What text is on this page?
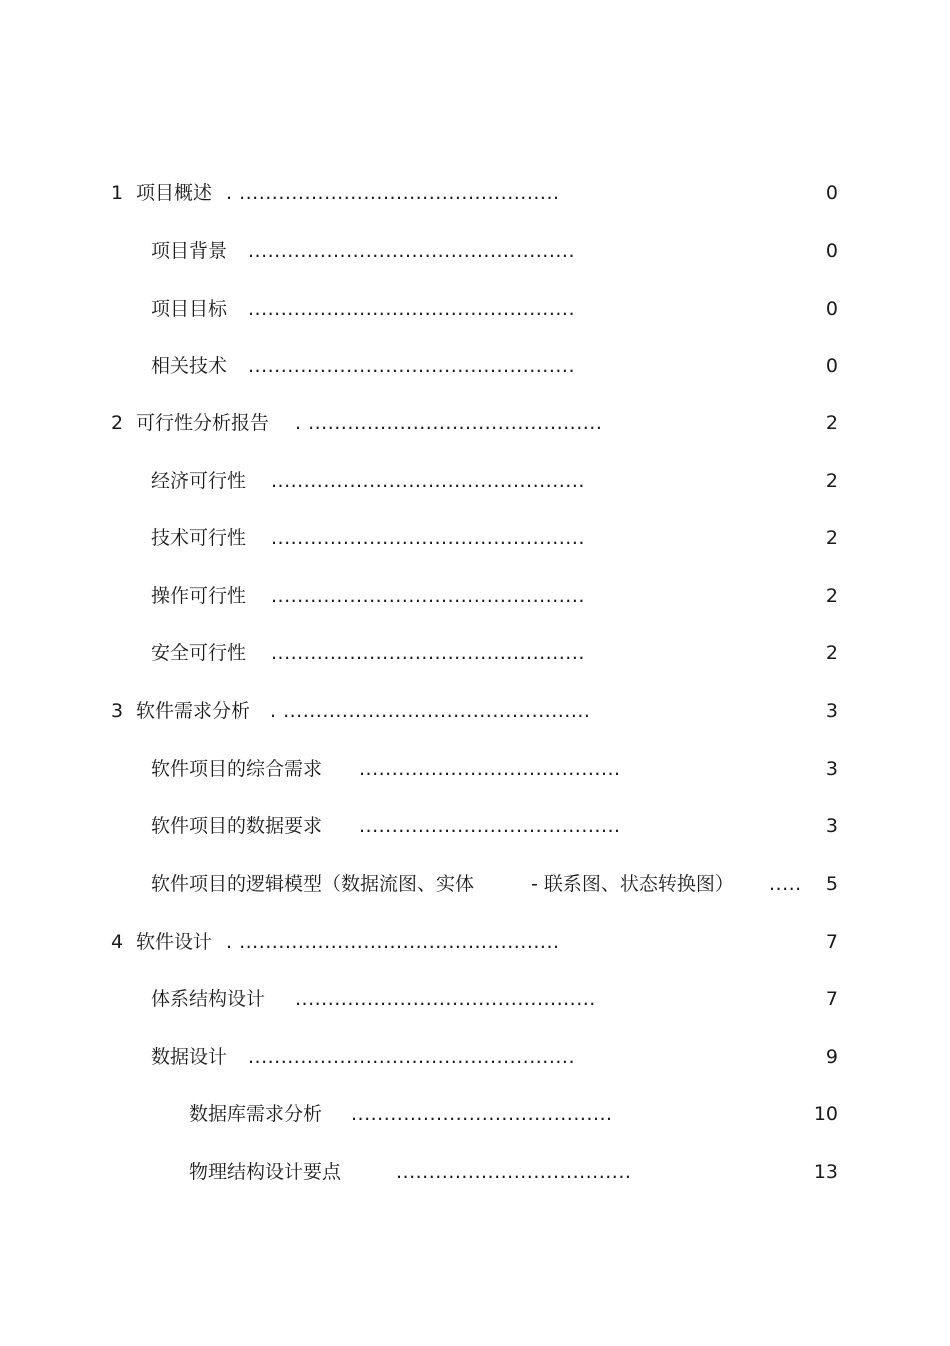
1 项目概述 . .................................................	0
项目背景 ..................................................	0
项目目标 ..................................................	0
相关技术 ..................................................	0
2 可行性分析报告 . .............................................	2
经济可行性 ................................................	2
技术可行性 ................................................	2
操作可行性 ................................................	2
安全可行性 ................................................	2
3 软件需求分析 . ...............................................	3
软件项目的综合需求 ........................................	3
软件项目的数据要求 ........................................	3
软件项目的逻辑模型（数据流图、实体	- 联系图、状态转换图） ..... 5
4 软件设计 . .................................................	7
体系结构设计 ..............................................	7
数据设计 ..................................................	9
数据库需求分析 ........................................	10
物理结构设计要点	....................................	13
